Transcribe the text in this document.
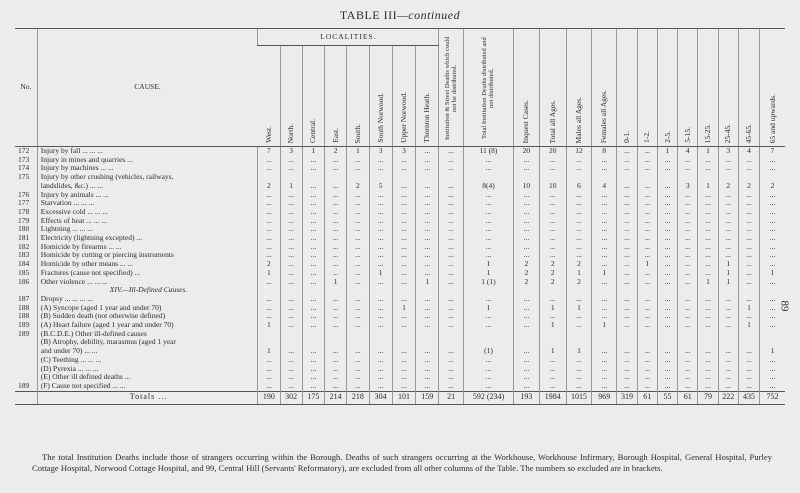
TABLE III—continued
No.	CAUSE.	LOCALITIES.								Institution & Street Deaths which could not be distributed.	Total Institution Deaths distributed and not distributed.	Inquest Cases.	Total all Ages.	Males all Ages.	Females all Ages.	0-1.	1-2.	2-5.	5-15.	15-25.	25-45.	45-65.	65 and upwards.

		West.	North.	Central.	East.	South.	South Norwood.	Upper Norwood.	Thornton Heath.														

172	Injury by fall ... ... ...	7	3	1	2	1	3	3	...	...	11 (8)	20	20	12	8	...	...	1	4	1	3	4	7
173	Injury in mines and quarries ...	...	...	...	...	...	...	...	...	...	...	...	...	...	...	...	...	...	...	...	...	...	...
174	Injury by machines ... ...	...	...	...	...	...	...	...	...	...	...	...	...	...	...	...	...	...	...	...	...	...	...
175	Injury by other crushing (vehicles, railways,																						
	landslides, &c.) ... ...	2	1	...	...	2	5	...	...	...	8(4)	10	10	6	4	...	...	...	3	1	2	2	2
176	Injury by animals ... ...	...	...	...	...	...	...	...	...	...	...	...	...	...	...	...	...	...	...	...	...	...	...
177	Starvation ... ... ...	...	...	...	...	...	...	...	...	...	...	...	...	...	...	...	...	...	...	...	...	...	...
178	Excessive cold ... ... ...	...	...	...	...	...	...	...	...	...	...	...	...	...	...	...	...	...	...	...	...	...	...
179	Effects of heat ... ... ...	...	...	...	...	...	...	...	...	...	...	...	...	...	...	...	...	...	...	...	...	...	...
180	Lightning ... ... ...	...	...	...	...	...	...	...	...	...	...	...	...	...	...	...	...	...	...	...	...	...	...
181	Electricity (lightning excepted) ...	...	...	...	...	...	...	...	...	...	...	...	...	...	...	...	...	...	...	...	...	...	...
182	Homicide by firearms ... ...	...	...	...	...	...	...	...	...	...	...	...	...	...	...	...	...	...	...	...	...	...	...
183	Homicide by cutting or piercing instruments	...	...	...	...	...	...	...	...	...	...	...	...	...	...	...	...	...	...	...	...	...	...
184	Homicide by other means ... ...	2	...	...	...	...	...	...	...	...	1	2	2	2	...	...	1	...	...	...	1	...	...
185	Fractures (cause not specified) ...	1	...	...	...	...	1	...	...	...	1	2	2	1	1	...	...	...	...	...	1	...	1
186	Other violence ... ... ...	...	...	...	1	...	...	...	1	...	1 (1)	2	2	2	...	...	...	...	...	1	1	...	...
	XIV.—Ill-Defined Causes.																						
187	Dropsy ... ... ... ...	...	...	...	...	...	...	...	...	...	...	...	...	...	...	...	...	...	...	...	...	...	...
188	(A) Syncope (aged 1 year and under 70)	...	...	...	...	...	...	1	...	...	1	...	1	1	...	...	...	...	...	...	...	1	...
188	(B) Sudden death (not otherwise defined)	...	...	...	...	...	...	...	...	...	...	...	...	...	...	...	...	...	...	...	...	...	...
189	(A) Heart failure (aged 1 year and under 70)	1	...	...	...	...	...	...	...	...	...	...	1	...	1	...	...	...	...	...	...	1	...
189	(B.C.D.E.) Other ill-defined causes																						
	(B) Atrophy, debility, marasmus (aged 1 year																						
	and under 70) ... ...	1	...	...	...	...	...	...	...	...	(1)	...	1	1	...	...	...	...	...	...	...	...	1
	(C) Teething ... ... ...	...	...	...	...	...	...	...	...	...	...	...	...	...	...	...	...	...	...	...	...	...	...
	(D) Pyrexia ... ... ...	...	...	...	...	...	...	...	...	...	...	...	...	...	...	...	...	...	...	...	...	...	...
	(E) Other ill defined deaths ...	...	...	...	...	...	...	...	...	...	...	...	...	...	...	...	...	...	...	...	...	...	...
189	(F) Cause not specified ... ...	...	...	...	...	...	...	...	...	...	...	...	...	...	...	...	...	...	...	...	...	...	...
	Totals ...	190	302	175	214	218	304	101	159	21	592 (234)	193	1984	1015	969	319	61	55	61	79	222	435	752
The total Institution Deaths include those of strangers occurring within the Borough. Deaths of such strangers occurring at the Workhouse, Workhouse Infirmary, Borough Hospital, General Hospital, Purley Cottage Hospital, Norwood Cottage Hospital, and 99, Central Hill (Servants' Reformatory), are excluded from all other columns of the Table. The numbers so excluded are in brackets.
89
